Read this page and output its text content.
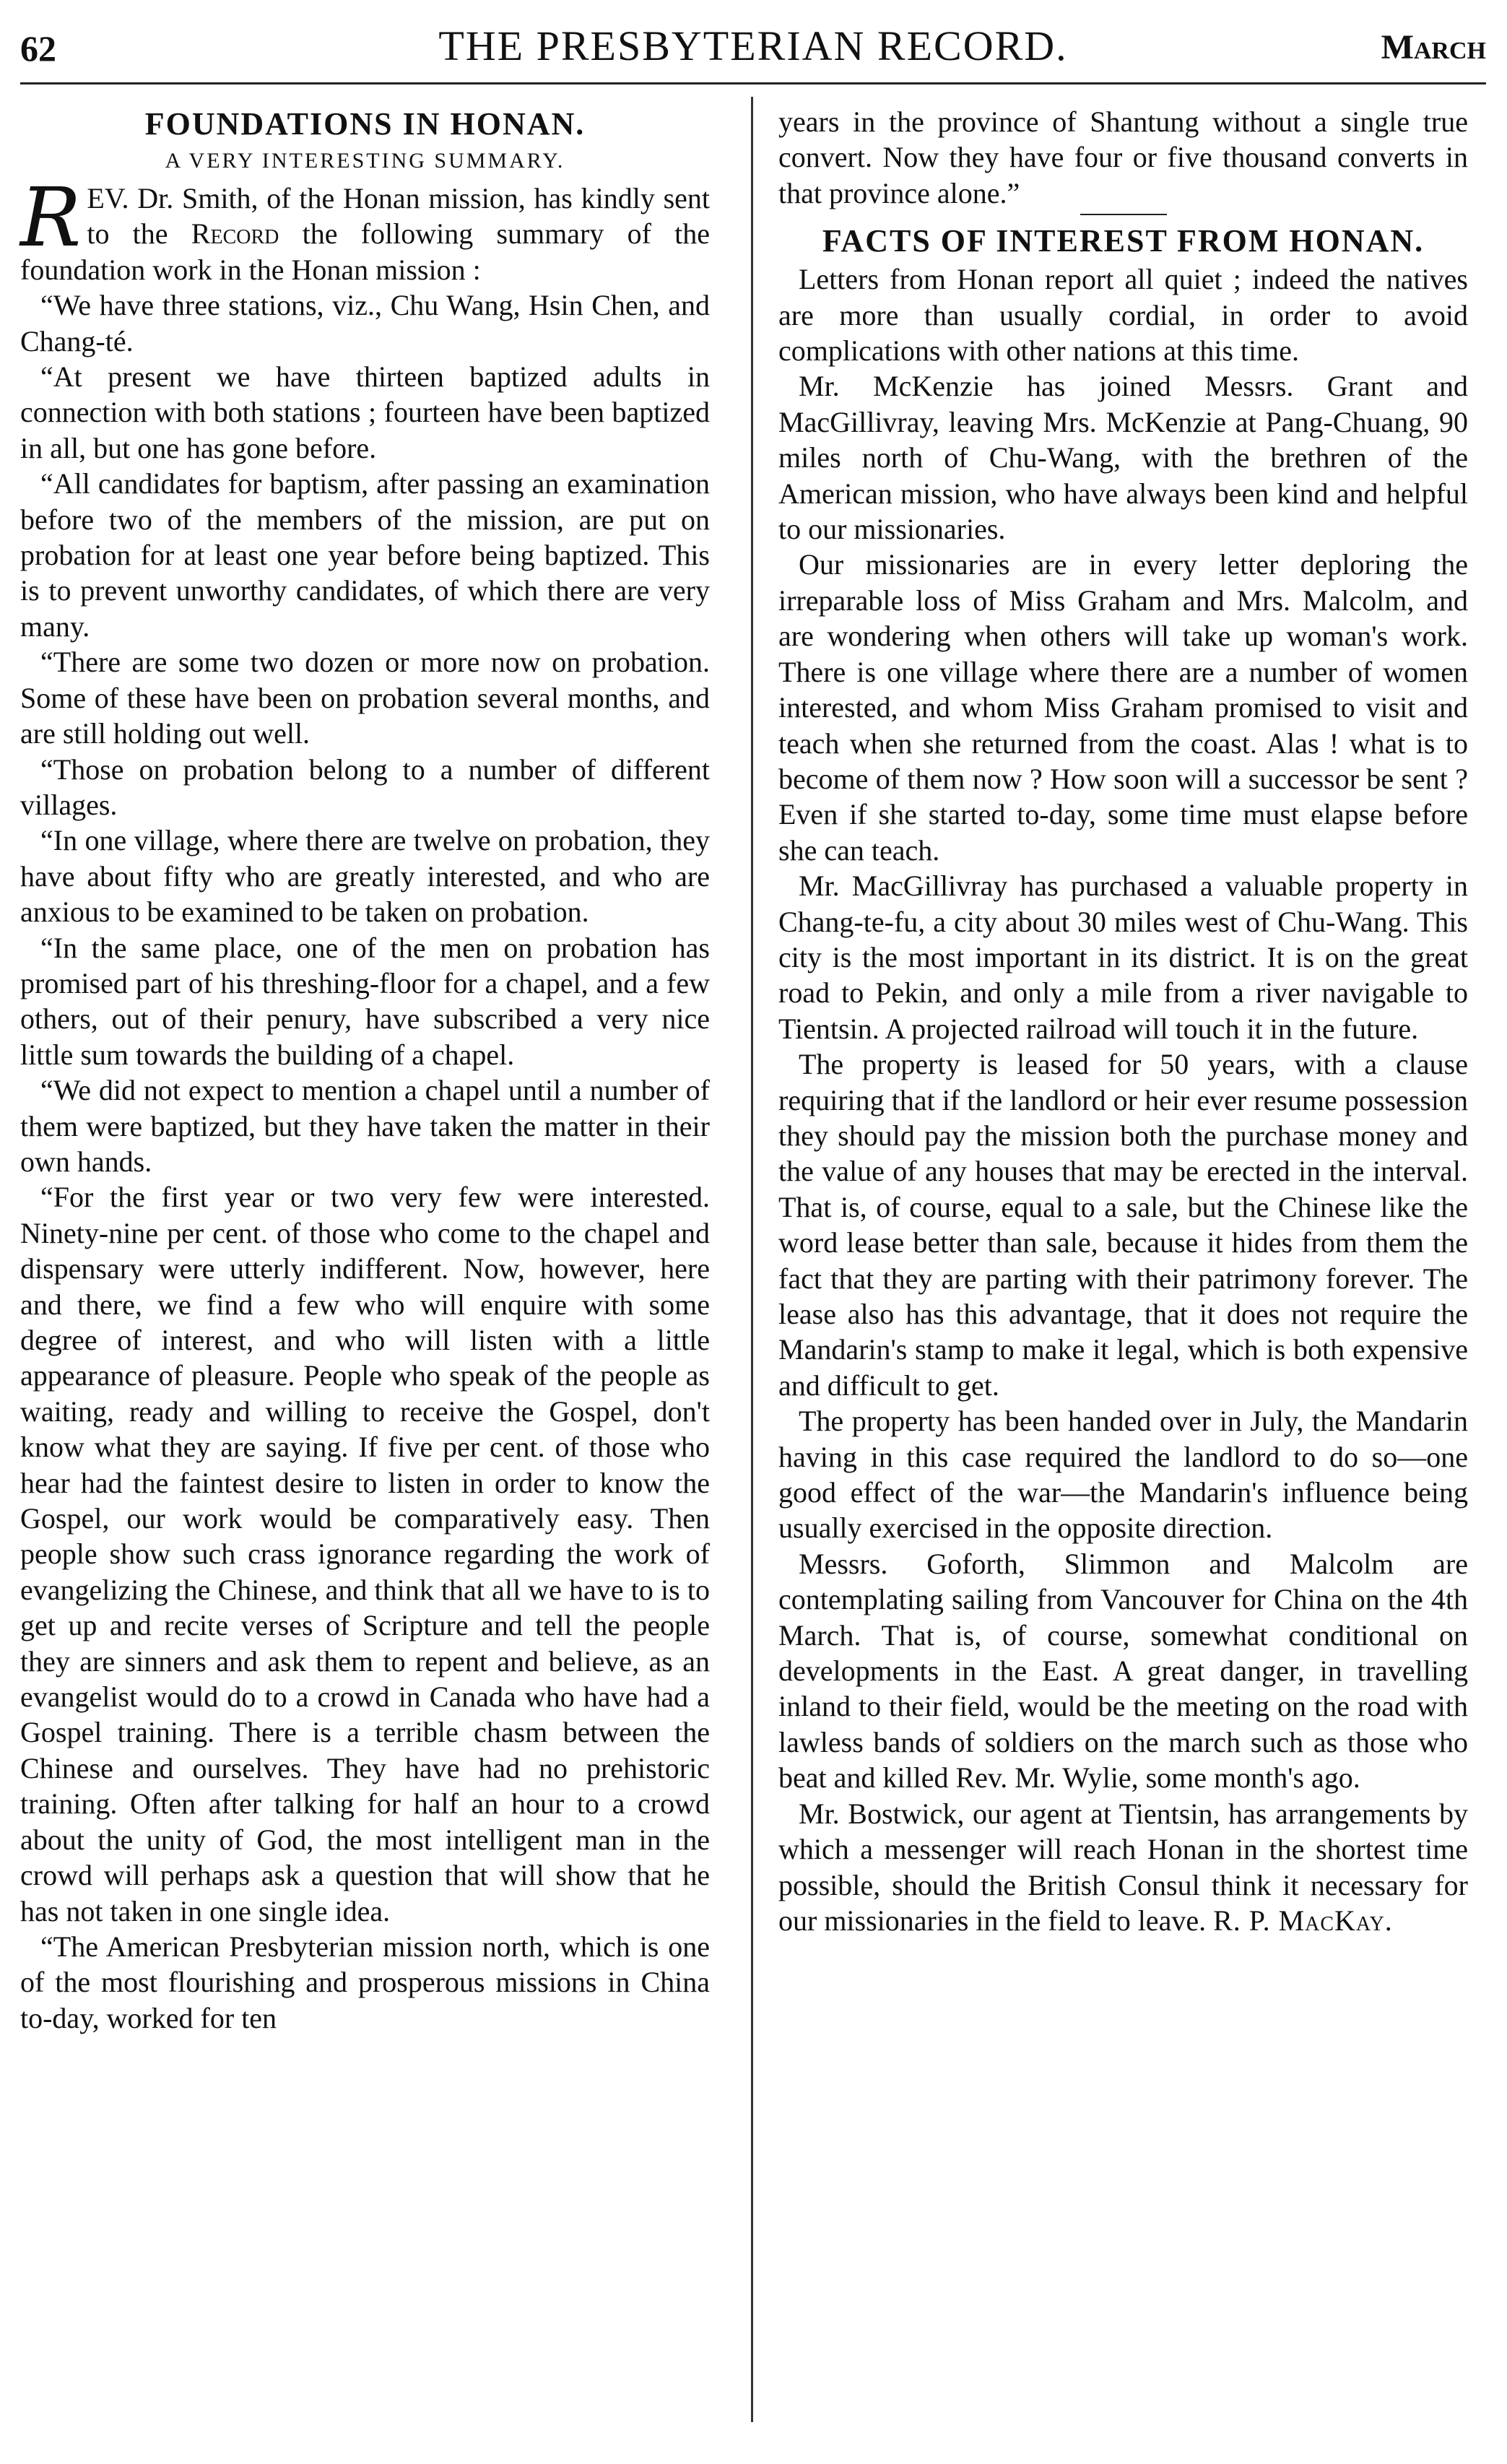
62	THE PRESBYTERIAN RECORD.	March
FOUNDATIONS IN HONAN.
A VERY INTERESTING SUMMARY.

REV. Dr. Smith, of the Honan mission, has kindly sent to the Record the following summary of the foundation work in the Honan mission :

“We have three stations, viz., Chu Wang, Hsin Chen, and Chang-té.

“At present we have thirteen baptized adults in connection with both stations ; fourteen have been baptized in all, but one has gone before.

“All candidates for baptism, after passing an examination before two of the members of the mission, are put on probation for at least one year before being baptized. This is to prevent unworthy candidates, of which there are very many.

“There are some two dozen or more now on probation. Some of these have been on probation several months, and are still holding out well.

“Those on probation belong to a number of different villages.

“In one village, where there are twelve on probation, they have about fifty who are greatly interested, and who are anxious to be examined to be taken on probation.

“In the same place, one of the men on probation has promised part of his threshing-floor for a chapel, and a few others, out of their penury, have subscribed a very nice little sum towards the building of a chapel.

“We did not expect to mention a chapel until a number of them were baptized, but they have taken the matter in their own hands.

“For the first year or two very few were interested. Ninety-nine per cent. of those who come to the chapel and dispensary were utterly indifferent. Now, however, here and there, we find a few who will enquire with some degree of interest, and who will listen with a little appearance of pleasure. People who speak of the people as waiting, ready and willing to receive the Gospel, don't know what they are saying. If five per cent. of those who hear had the faintest desire to listen in order to know the Gospel, our work would be comparatively easy. Then people show such crass ignorance regarding the work of evangelizing the Chinese, and think that all we have to is to get up and recite verses of Scripture and tell the people they are sinners and ask them to repent and believe, as an evangelist would do to a crowd in Canada who have had a Gospel training. There is a terrible chasm between the Chinese and ourselves. They have had no prehistoric training. Often after talking for half an hour to a crowd about the unity of God, the most intelligent man in the crowd will perhaps ask a question that will show that he has not taken in one single idea.

“The American Presbyterian mission north, which is one of the most flourishing and prosperous missions in China to-day, worked for ten

years in the province of Shantung without a single true convert. Now they have four or five thousand converts in that province alone.”

FACTS OF INTEREST FROM HONAN.

Letters from Honan report all quiet ; indeed the natives are more than usually cordial, in order to avoid complications with other nations at this time.

Mr. McKenzie has joined Messrs. Grant and MacGillivray, leaving Mrs. McKenzie at Pang-Chuang, 90 miles north of Chu-Wang, with the brethren of the American mission, who have always been kind and helpful to our missionaries.

Our missionaries are in every letter deploring the irreparable loss of Miss Graham and Mrs. Malcolm, and are wondering when others will take up woman's work. There is one village where there are a number of women interested, and whom Miss Graham promised to visit and teach when she returned from the coast. Alas ! what is to become of them now ? How soon will a successor be sent ? Even if she started to-day, some time must elapse before she can teach.

Mr. MacGillivray has purchased a valuable property in Chang-te-fu, a city about 30 miles west of Chu-Wang. This city is the most important in its district. It is on the great road to Pekin, and only a mile from a river navigable to Tientsin. A projected railroad will touch it in the future.

The property is leased for 50 years, with a clause requiring that if the landlord or heir ever resume possession they should pay the mission both the purchase money and the value of any houses that may be erected in the interval. That is, of course, equal to a sale, but the Chinese like the word lease better than sale, because it hides from them the fact that they are parting with their patrimony forever. The lease also has this advantage, that it does not require the Mandarin's stamp to make it legal, which is both expensive and difficult to get.

The property has been handed over in July, the Mandarin having in this case required the landlord to do so—one good effect of the war—the Mandarin's influence being usually exercised in the opposite direction.

Messrs. Goforth, Slimmon and Malcolm are contemplating sailing from Vancouver for China on the 4th March. That is, of course, somewhat conditional on developments in the East. A great danger, in travelling inland to their field, would be the meeting on the road with lawless bands of soldiers on the march such as those who beat and killed Rev. Mr. Wylie, some month's ago.

Mr. Bostwick, our agent at Tientsin, has arrangements by which a messenger will reach Honan in the shortest time possible, should the British Consul think it necessary for our missionaries in the field to leave. R. P. MacKay.
